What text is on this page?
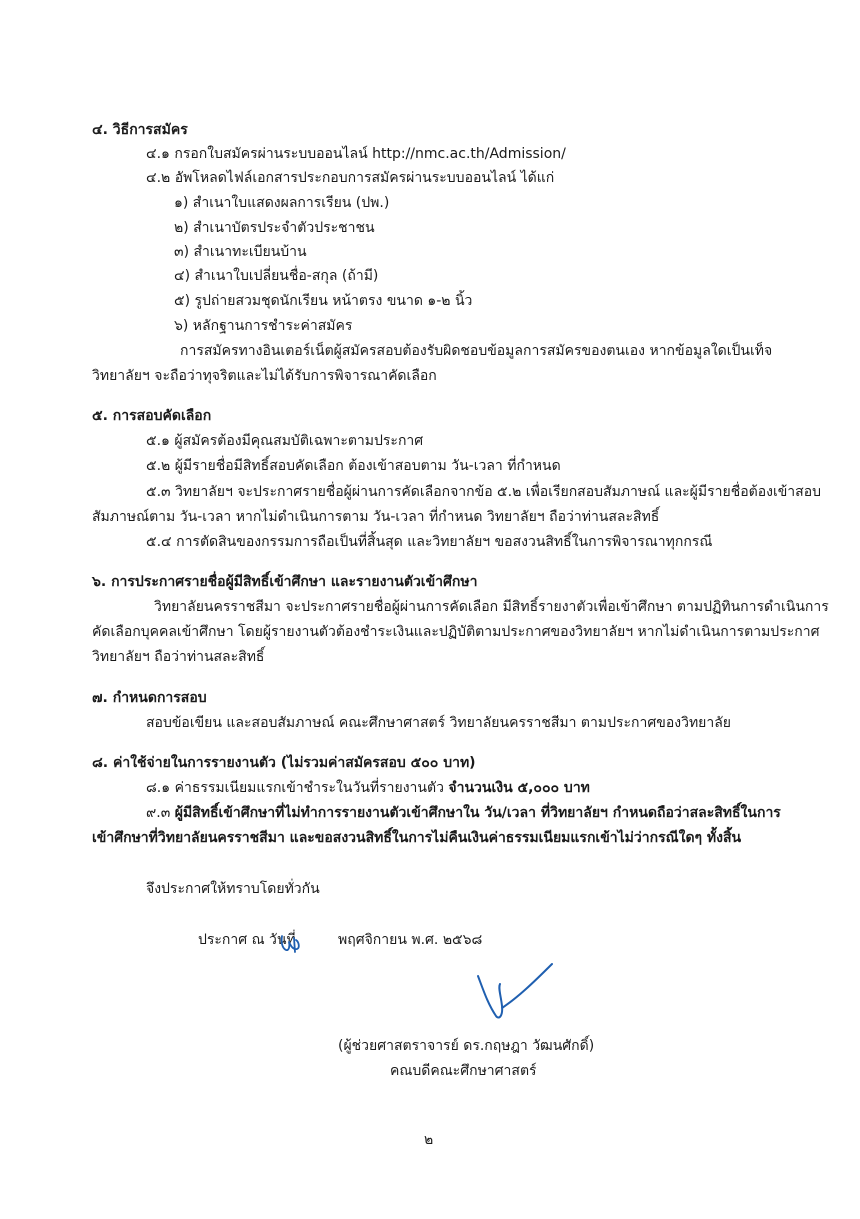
๔. วิธีการสมัคร
๔.๑ กรอกใบสมัครผ่านระบบออนไลน์ http://nmc.ac.th/Admission/
๔.๒ อัพโหลดไฟล์เอกสารประกอบการสมัครผ่านระบบออนไลน์ ได้แก่
๑) สำเนาใบแสดงผลการเรียน (ปพ.)
๒) สำเนาบัตรประจำตัวประชาชน
๓) สำเนาทะเบียนบ้าน
๔) สำเนาใบเปลี่ยนชื่อ-สกุล (ถ้ามี)
๕) รูปถ่ายสวมชุดนักเรียน หน้าตรง ขนาด ๑-๒ นิ้ว
๖) หลักฐานการชำระค่าสมัคร
การสมัครทางอินเตอร์เน็ตผู้สมัครสอบต้องรับผิดชอบข้อมูลการสมัครของตนเอง หากข้อมูลใดเป็นเท็จ
วิทยาลัยฯ จะถือว่าทุจริตและไม่ได้รับการพิจารณาคัดเลือก
๕. การสอบคัดเลือก
๕.๑ ผู้สมัครต้องมีคุณสมบัติเฉพาะตามประกาศ
๕.๒ ผู้มีรายชื่อมีสิทธิ์สอบคัดเลือก ต้องเข้าสอบตาม วัน-เวลา ที่กำหนด
๕.๓ วิทยาลัยฯ จะประกาศรายชื่อผู้ผ่านการคัดเลือกจากข้อ ๕.๒ เพื่อเรียกสอบสัมภาษณ์ และผู้มีรายชื่อต้องเข้าสอบ
สัมภาษณ์ตาม วัน-เวลา หากไม่ดำเนินการตาม วัน-เวลา ที่กำหนด วิทยาลัยฯ ถือว่าท่านสละสิทธิ์
๕.๔ การตัดสินของกรรมการถือเป็นที่สิ้นสุด และวิทยาลัยฯ ขอสงวนสิทธิ์ในการพิจารณาทุกกรณี
๖. การประกาศรายชื่อผู้มีสิทธิ์เข้าศึกษา และรายงานตัวเข้าศึกษา
วิทยาลัยนครราชสีมา จะประกาศรายชื่อผู้ผ่านการคัดเลือก มีสิทธิ์รายงาตัวเพื่อเข้าศึกษา ตามปฏิทินการดำเนินการ
คัดเลือกบุคคลเข้าศึกษา โดยผู้รายงานตัวต้องชำระเงินและปฏิบัติตามประกาศของวิทยาลัยฯ หากไม่ดำเนินการตามประกาศ
วิทยาลัยฯ ถือว่าท่านสละสิทธิ์
๗. กำหนดการสอบ
สอบข้อเขียน และสอบสัมภาษณ์ คณะศึกษาศาสตร์ วิทยาลัยนครราชสีมา ตามประกาศของวิทยาลัย
๘. ค่าใช้จ่ายในการรายงานตัว (ไม่รวมค่าสมัครสอบ ๕๐๐ บาท)
๘.๑ ค่าธรรมเนียมแรกเข้าชำระในวันที่รายงานตัว จำนวนเงิน ๕,๐๐๐ บาท
๙.๓ ผู้มีสิทธิ์เข้าศึกษาที่ไม่ทำการรายงานตัวเข้าศึกษาใน วัน/เวลา ที่วิทยาลัยฯ กำหนดถือว่าสละสิทธิ์ในการ
เข้าศึกษาที่วิทยาลัยนครราชสีมา และขอสงวนสิทธิ์ในการไม่คืนเงินค่าธรรมเนียมแรกเข้าไม่ว่ากรณีใดๆ ทั้งสิ้น
จึงประกาศให้ทราบโดยทั่วกัน
ประกาศ ณ วันที่	พฤศจิกายน พ.ศ. ๒๕๖๘
(ผู้ช่วยศาสตราจารย์ ดร.กฤษฎา วัฒนศักดิ์)
คณบดีคณะศึกษาศาสตร์
๒
